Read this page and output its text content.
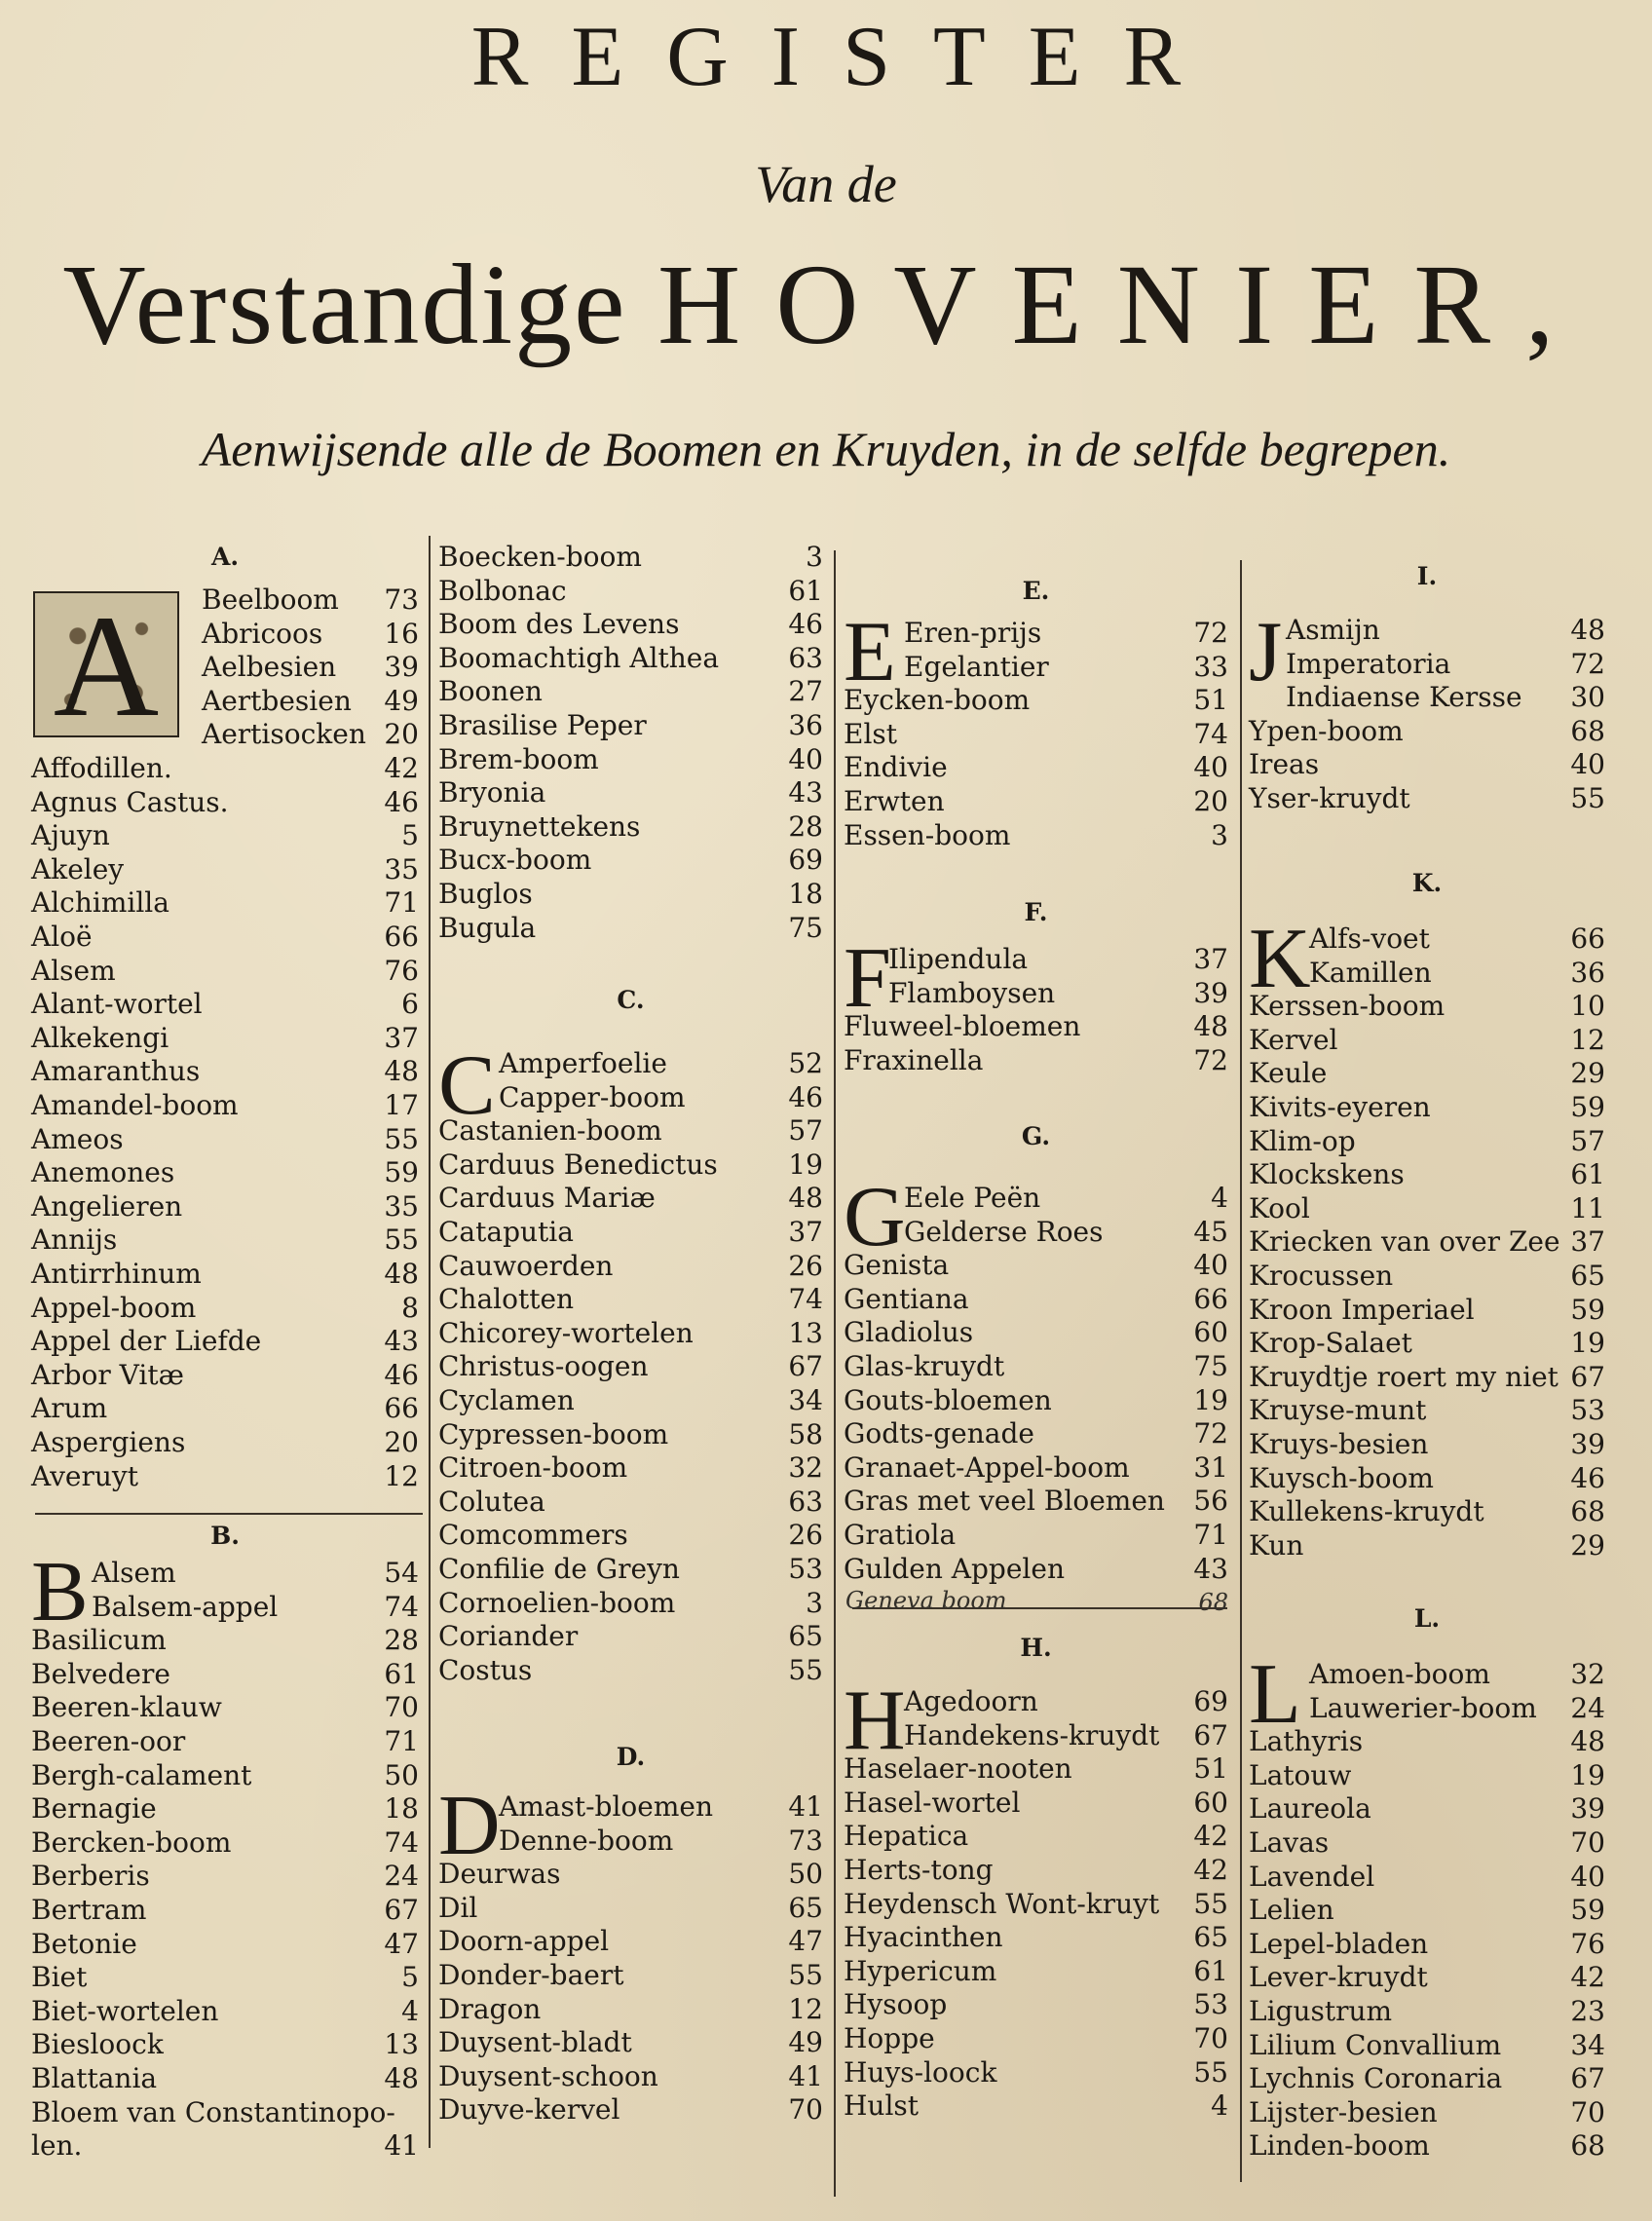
REGISTER
Van de
Verstandige HOVENIER,
Aenwijsende alle de Boomen en Kruyden, in de selfde begrepen.
A.
A	Beelboom 73
Abricoos 16
Aelbesien 39
Aertbesien 49
Aertisocken 20
Affodillen.	42
Agnus Castus.	46
Ajuyn	5
Akeley	35
Alchimilla	71
Aloë	66
Alsem	76
Alant-wortel	6
Alkekengi	37
Amaranthus	48
Amandel-boom	17
Ameos	55
Anemones	59
Angelieren	35
Annijs	55
Antirrhinum	48
Appel-boom	8
Appel der Liefde	43
Arbor Vitæ	46
Arum	66
Aspergiens	20
Averuyt	12
B.
B Alsem	54
Balsem-appel	74
Basilicum	28
Belvedere	61
Beeren-klauw	70
Beeren-oor	71
Bergh-calament	50
Bernagie	18
Bercken-boom	74
Berberis	24
Bertram	67
Betonie	47
Biet	5
Biet-wortelen	4
Biesloock	13
Blattania	48
Bloem van Constantinopo-
len.	41
Boecken-boom	3
Bolbonac	61
Boom des Levens	46
Boomachtigh Althea	63
Boonen	27
Brasilise Peper	36
Brem-boom	40
Bryonia	43
Bruynettekens	28
Bucx-boom	69
Buglos	18
Bugula	75
C.
C Amperfoelie	52
Capper-boom	46
Castanien-boom	57
Carduus Benedictus	19
Carduus Mariæ	48
Cataputia	37
Cauwoerden	26
Chalotten	74
Chicorey-wortelen	13
Christus-oogen	67
Cyclamen	34
Cypressen-boom	58
Citroen-boom	32
Colutea	63
Comcommers	26
Confilie de Greyn	53
Cornoelien-boom	3
Coriander	65
Costus	55
D.
D
Amast-bloemen	41
Denne-boom	73
Deurwas	50
Dil	65
Doorn-appel	47
Donder-baert	55
Dragon	12
Duysent-bladt	49
Duysent-schoon	41
Duyve-kervel	70
E.
E Eren-prijs	72
Egelantier	33
Eycken-boom	51
Elst	74
Endivie	40
Erwten	20
Essen-boom	3
F.
F
Ilipendula	37
Flamboysen	39
Fluweel-bloemen	48
Fraxinella	72
G.
G
Eele Peën	4
Geldersе Roes	45
Genista	40
Gentiana	66
Gladiolus	60
Glas-kruydt	75
Gouts-bloemen	19
Godts-genade	72
Granaet-Appel-boom 31
Gras met veel Bloemen 56
Gratiola	71
Gulden Appelen	43
Geneva boom	68
H.
H
Agedoorn	69
Handekens-kruydt 67
Haselaer-nooten	51
Hasel-wortel	60
Hepatica	42
Herts-tong	42
Heydensch Wont-kruyt 55
Hyacinthen	65
Hypericum	61
Hysoop	53
Hoppe	70
Huys-loock	55
Hulst	4
I.
J Asmijn	48
Imperatoria	72
Indiaense Kersse 30
Ypen-boom	68
Ireas	40
Yser-kruydt	55
K.
K
Alfs-voet	66
Kamillen	36
Kerssen-boom	10
Kervel	12
Keule	29
Kivits-eyeren	59
Klim-op	57
Klockskens	61
Kool	11
Kriecken van over Zee 37
Krocussen	65
Kroon Imperiael	59
Krop-Salaet	19
Kruydtje roert my niet 67
Kruyse-munt	53
Kruys-besien	39
Kuysch-boom	46
Kullekens-kruydt	68
Kun	29
L.
L Amoen-boom	32
Lauwerier-boom 24
Lathyris	48
Latouw	19
Laureola	39
Lavas	70
Lavendel	40
Lelien	59
Lepel-bladen	76
Lever-kruydt	42
Ligustrum	23
Lilium Convallium	34
Lychnis Coronaria	67
Lijster-besien	70
Linden-boom	68
